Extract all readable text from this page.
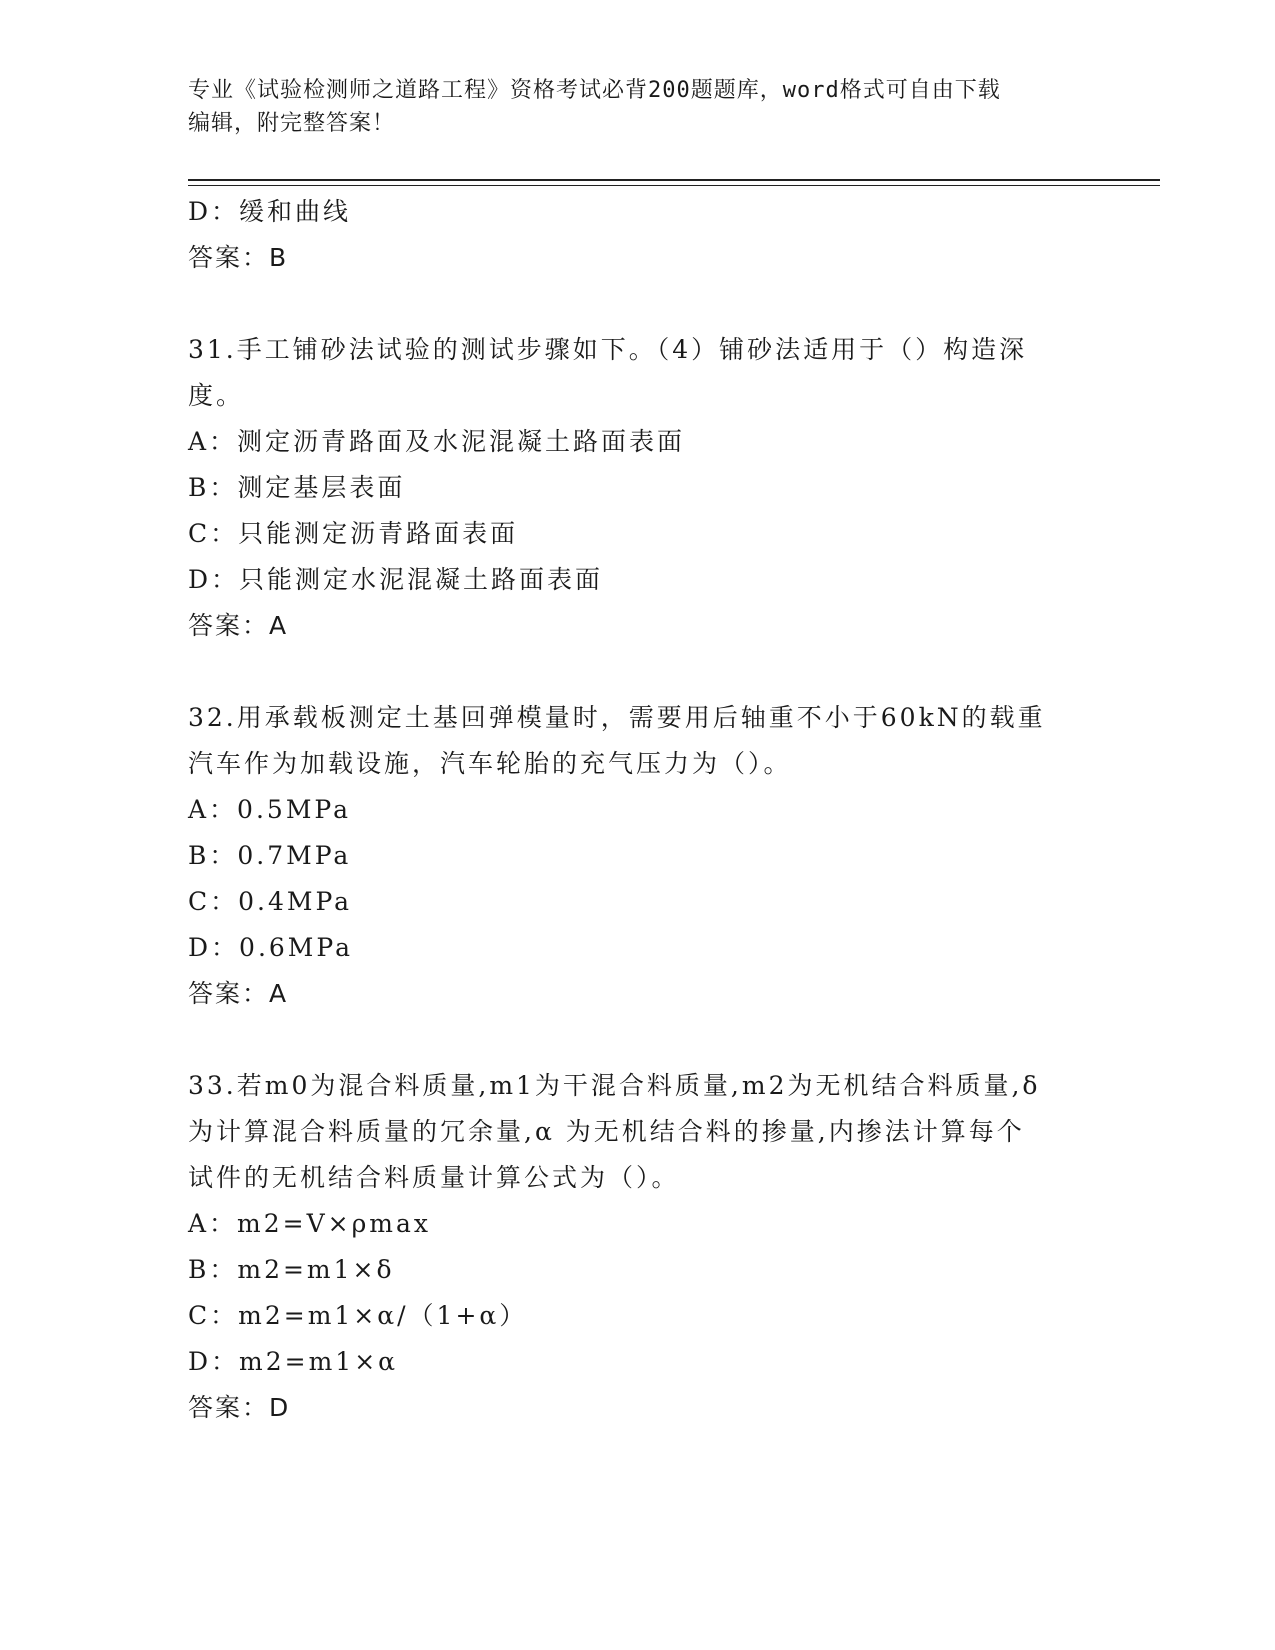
专业《试验检测师之道路工程》资格考试必背200题题库，word格式可自由下载
编辑，附完整答案！
D：缓和曲线
答案：B
31.手工铺砂法试验的测试步骤如下。（4）铺砂法适用于（）构造深
度。
A：测定沥青路面及水泥混凝土路面表面
B：测定基层表面
C：只能测定沥青路面表面
D：只能测定水泥混凝土路面表面
答案：A
32.用承载板测定土基回弹模量时，需要用后轴重不小于60kN的载重
汽车作为加载设施，汽车轮胎的充气压力为（）。
A：0.5MPa
B：0.7MPa
C：0.4MPa
D：0.6MPa
答案：A
33.若m0为混合料质量,m1为干混合料质量,m2为无机结合料质量,δ
为计算混合料质量的冗余量,α 为无机结合料的掺量,内掺法计算每个
试件的无机结合料质量计算公式为（）。
A：m2=V×ρmax
B：m2=m1×δ
C：m2=m1×α/（1+α）
D：m2=m1×α
答案：D
